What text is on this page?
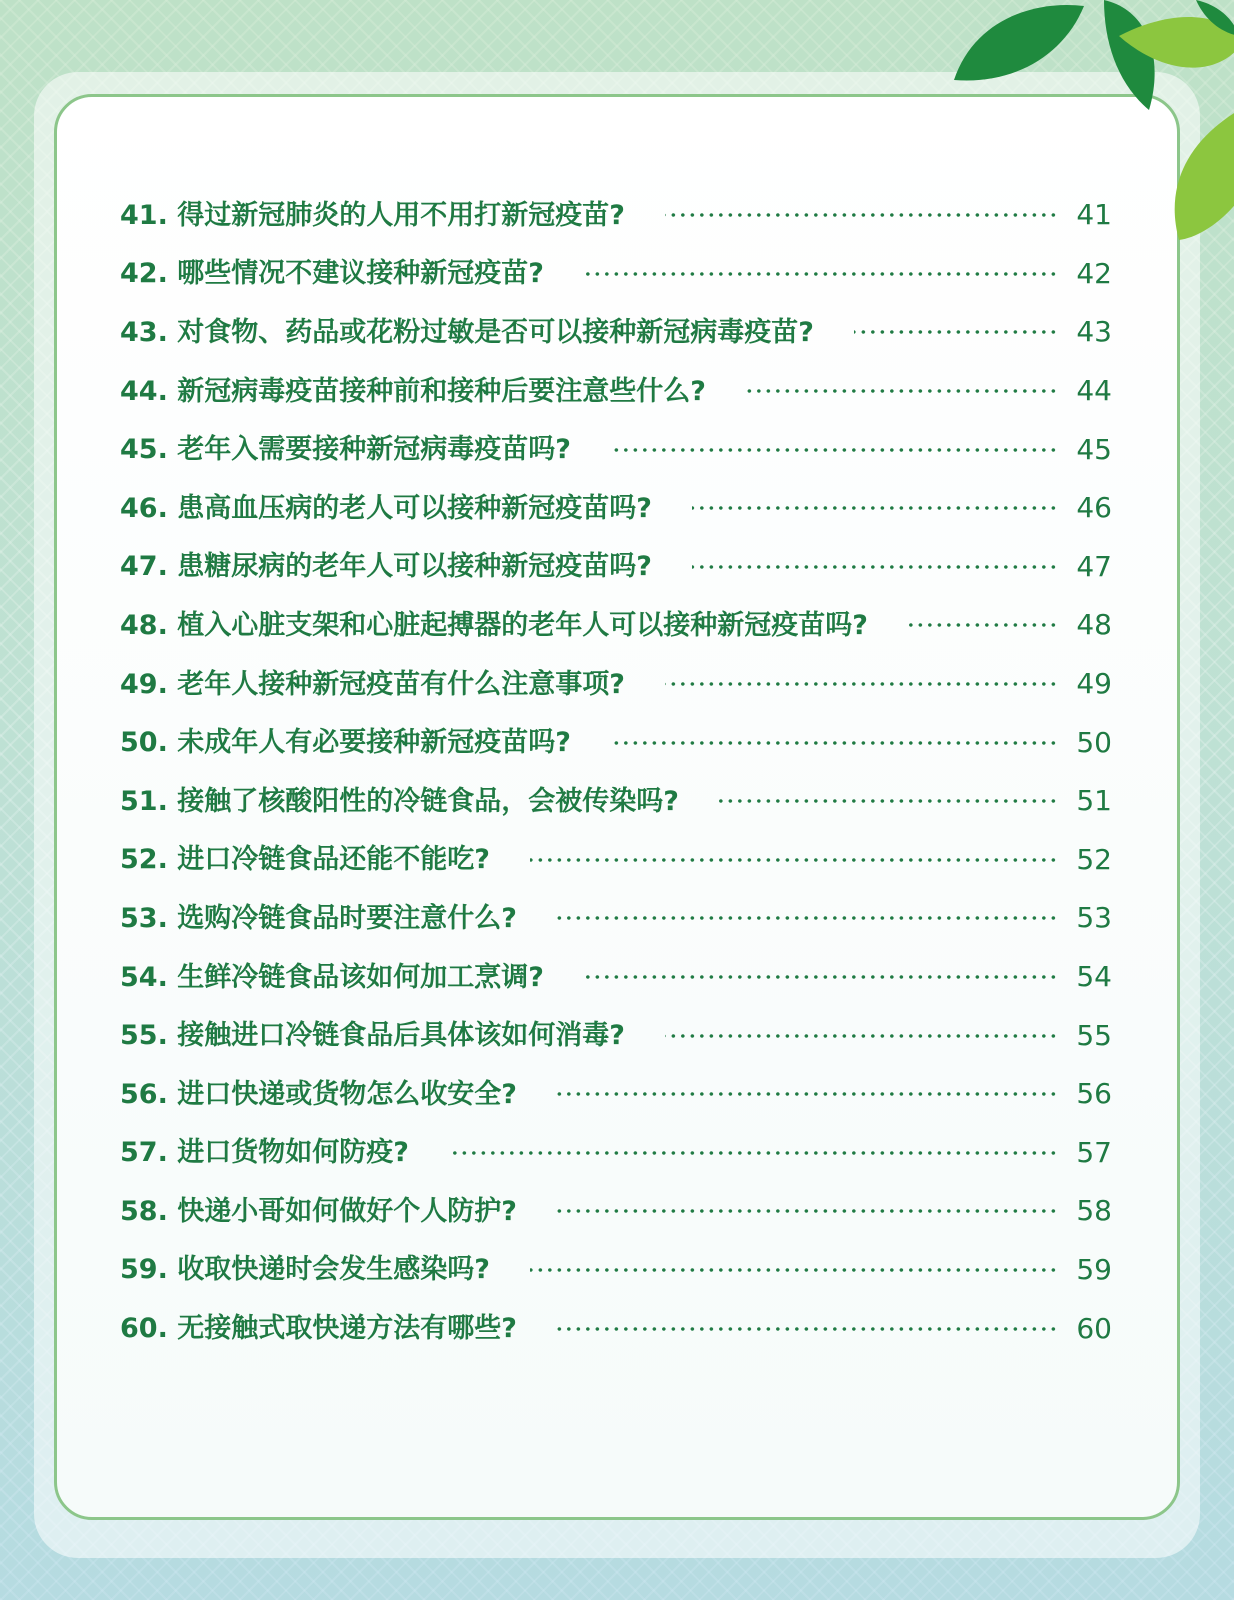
41. 得过新冠肺炎的人用不用打新冠疫苗?	41
42. 哪些情况不建议接种新冠疫苗?	42
43. 对食物、药品或花粉过敏是否可以接种新冠病毒疫苗?	43
44. 新冠病毒疫苗接种前和接种后要注意些什么?	44
45. 老年入需要接种新冠病毒疫苗吗?	45
46. 患高血压病的老人可以接种新冠疫苗吗?	46
47. 患糖尿病的老年人可以接种新冠疫苗吗?	47
48. 植入心脏支架和心脏起搏器的老年人可以接种新冠疫苗吗?	48
49. 老年人接种新冠疫苗有什么注意事项?	49
50. 未成年人有必要接种新冠疫苗吗?	50
51. 接触了核酸阳性的冷链食品，会被传染吗?	51
52. 进口冷链食品还能不能吃?	52
53. 选购冷链食品时要注意什么?	53
54. 生鲜冷链食品该如何加工烹调?	54
55. 接触进口冷链食品后具体该如何消毒?	55
56. 进口快递或货物怎么收安全?	56
57. 进口货物如何防疫?	57
58. 快递小哥如何做好个人防护?	58
59. 收取快递时会发生感染吗?	59
60. 无接触式取快递方法有哪些?	60
